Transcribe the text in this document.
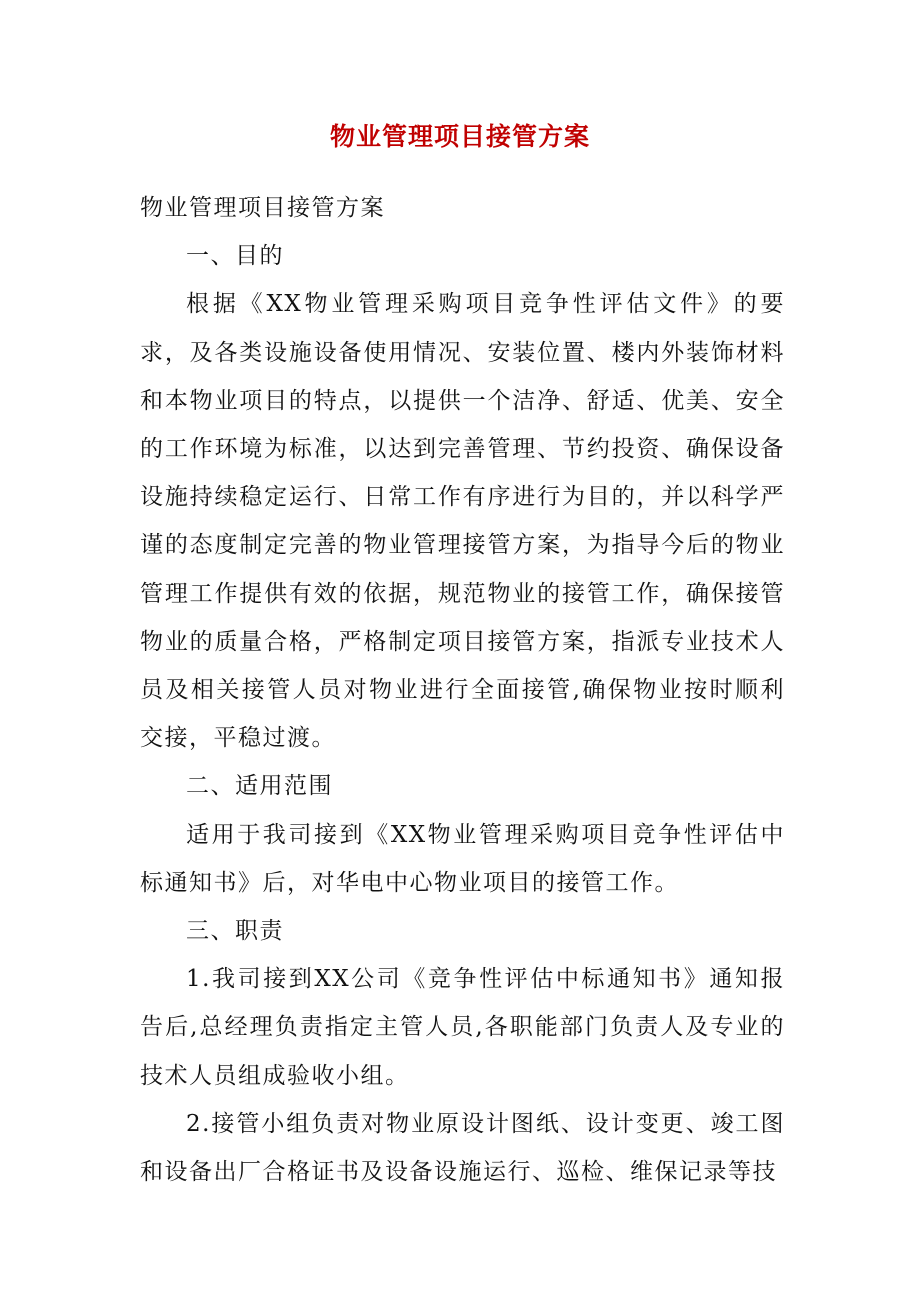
物业管理项目接管方案

物业管理项目接管方案

一、目的

根据《XX物业管理采购项目竞争性评估文件》的要求，及各类设施设备使用情况、安装位置、楼内外装饰材料和本物业项目的特点，以提供一个洁净、舒适、优美、安全的工作环境为标准，以达到完善管理、节约投资、确保设备设施持续稳定运行、日常工作有序进行为目的，并以科学严谨的态度制定完善的物业管理接管方案，为指导今后的物业管理工作提供有效的依据，规范物业的接管工作，确保接管物业的质量合格，严格制定项目接管方案，指派专业技术人员及相关接管人员对物业进行全面接管,确保物业按时顺利交接，平稳过渡。

二、适用范围

适用于我司接到《XX物业管理采购项目竞争性评估中标通知书》后，对华电中心物业项目的接管工作。

三、职责

1.我司接到XX公司《竞争性评估中标通知书》通知报告后,总经理负责指定主管人员,各职能部门负责人及专业的技术人员组成验收小组。

2.接管小组负责对物业原设计图纸、设计变更、竣工图和设备出厂合格证书及设备设施运行、巡检、维保记录等技
